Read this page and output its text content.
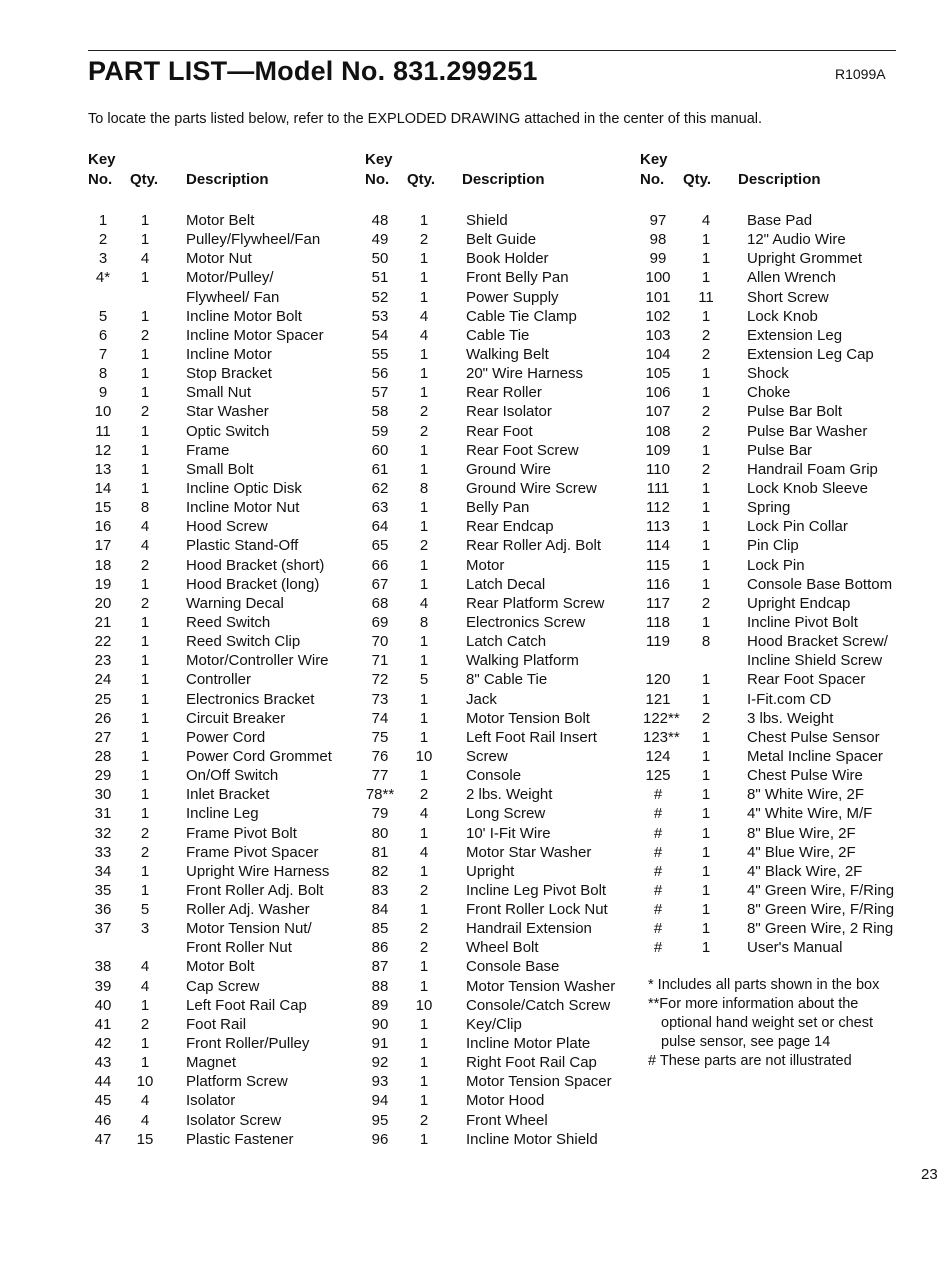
PART LIST—Model No. 831.299251	R1099A
To locate the parts listed below, refer to the EXPLODED DRAWING attached in the center of this manual.
Key
No. Qty. Description
1	1	Motor Belt
2	1	Pulley/Flywheel/Fan
3	4	Motor Nut
4*	1	Motor/Pulley/
Flywheel/ Fan
5	1	Incline Motor Bolt
6	2	Incline Motor Spacer
7	1	Incline Motor
8	1	Stop Bracket
9	1	Small Nut
10	2	Star Washer
11	1	Optic Switch
12	1	Frame
13	1	Small Bolt
14	1	Incline Optic Disk
15	8	Incline Motor Nut
16	4	Hood Screw
17	4	Plastic Stand-Off
18	2	Hood Bracket (short)
19	1	Hood Bracket (long)
20	2	Warning Decal
21	1	Reed Switch
22	1	Reed Switch Clip
23	1	Motor/Controller Wire
24	1	Controller
25	1	Electronics Bracket
26	1	Circuit Breaker
27	1	Power Cord
28	1	Power Cord Grommet
29	1	On/Off Switch
30	1	Inlet Bracket
31	1	Incline Leg
32	2	Frame Pivot Bolt
33	2	Frame Pivot Spacer
34	1	Upright Wire Harness
35	1	Front Roller Adj. Bolt
36	5	Roller Adj. Washer
37	3	Motor Tension Nut/
Front Roller Nut
38	4	Motor Bolt
39	4	Cap Screw
40	1	Left Foot Rail Cap
41	2	Foot Rail
42	1	Front Roller/Pulley
43	1	Magnet
44	10 Platform Screw
45	4	Isolator
46	4	Isolator Screw
47	15 Plastic Fastener
Key
No. Qty. Description
48	1	Shield
49	2	Belt Guide
50	1	Book Holder
51	1	Front Belly Pan
52	1	Power Supply
53	4	Cable Tie Clamp
54	4	Cable Tie
55	1	Walking Belt
56	1	20" Wire Harness
57	1	Rear Roller
58	2	Rear Isolator
59	2	Rear Foot
60	1	Rear Foot Screw
61	1	Ground Wire
62	8	Ground Wire Screw
63	1	Belly Pan
64	1	Rear Endcap
65	2	Rear Roller Adj. Bolt
66	1	Motor
67	1	Latch Decal
68	4	Rear Platform Screw
69	8	Electronics Screw
70	1	Latch Catch
71	1	Walking Platform
72	5	8" Cable Tie
73	1	Jack
74	1	Motor Tension Bolt
75	1	Left Foot Rail Insert
76	10 Screw
77	1	Console
78**	2	2 lbs. Weight
79	4	Long Screw
80	1	10' I-Fit Wire
81	4	Motor Star Washer
82	1	Upright
83	2	Incline Leg Pivot Bolt
84	1	Front Roller Lock Nut
85	2	Handrail Extension
86	2	Wheel Bolt
87	1	Console Base
88	1	Motor Tension Washer
89	10 Console/Catch Screw
90	1	Key/Clip
91	1	Incline Motor Plate
92	1	Right Foot Rail Cap
93	1	Motor Tension Spacer
94	1	Motor Hood
95	2	Front Wheel
96	1	Incline Motor Shield
Key
No. Qty. Description
97	4	Base Pad
98	1	12" Audio Wire
99	1	Upright Grommet
100	1	Allen Wrench
101 11 Short Screw
102	1	Lock Knob
103	2	Extension Leg
104	2	Extension Leg Cap
105	1	Shock
106	1	Choke
107	2	Pulse Bar Bolt
108	2	Pulse Bar Washer
109	1	Pulse Bar
110	2	Handrail Foam Grip
111	1	Lock Knob Sleeve
112	1	Spring
113	1	Lock Pin Collar
114	1	Pin Clip
115	1	Lock Pin
116	1	Console Base Bottom
117	2	Upright Endcap
118	1	Incline Pivot Bolt
119	8	Hood Bracket Screw/
Incline Shield Screw
120	1	Rear Foot Spacer
121	1	I-Fit.com CD
122**	2	3 lbs. Weight
123**	1	Chest Pulse Sensor
124	1	Metal Incline Spacer
125	1	Chest Pulse Wire
#	1	8" White Wire, 2F
#	1	4" White Wire, M/F
#	1	8" Blue Wire, 2F
#	1	4" Blue Wire, 2F
#	1	4" Black Wire, 2F
#	1	4" Green Wire, F/Ring
#	1	8" Green Wire, F/Ring
#	1	8" Green Wire, 2 Ring
#	1	User's Manual

* Includes all parts shown in the box

**For more information about the optional hand weight set or chest pulse sensor, see page 14

# These parts are not illustrated

23
